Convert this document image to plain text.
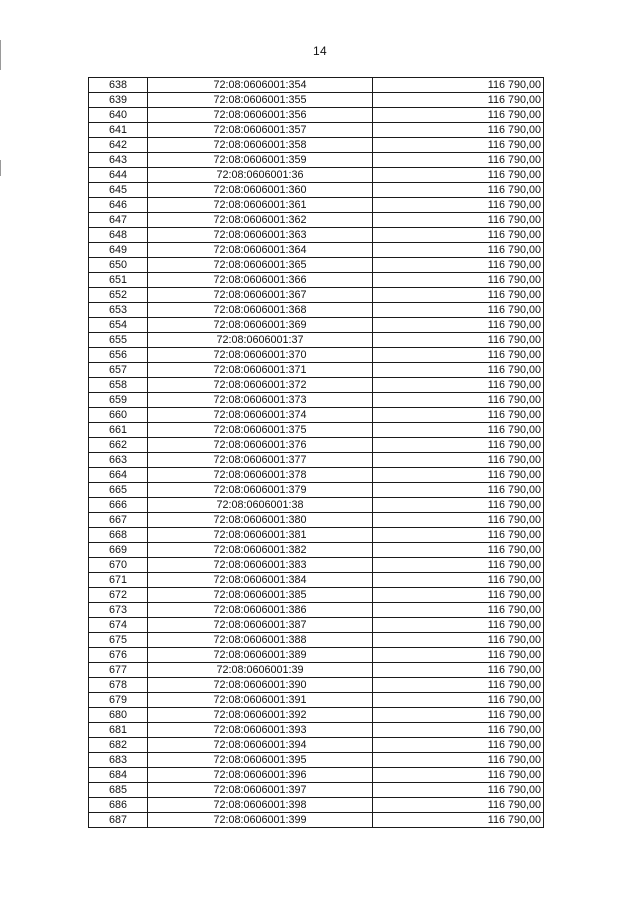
14
638	72:08:0606001:354	116 790,00
639	72:08:0606001:355	116 790,00
640	72:08:0606001:356	116 790,00
641	72:08:0606001:357	116 790,00
642	72:08:0606001:358	116 790,00
643	72:08:0606001:359	116 790,00
644	72:08:0606001:36	116 790,00
645	72:08:0606001:360	116 790,00
646	72:08:0606001:361	116 790,00
647	72:08:0606001:362	116 790,00
648	72:08:0606001:363	116 790,00
649	72:08:0606001:364	116 790,00
650	72:08:0606001:365	116 790,00
651	72:08:0606001:366	116 790,00
652	72:08:0606001:367	116 790,00
653	72:08:0606001:368	116 790,00
654	72:08:0606001:369	116 790,00
655	72:08:0606001:37	116 790,00
656	72:08:0606001:370	116 790,00
657	72:08:0606001:371	116 790,00
658	72:08:0606001:372	116 790,00
659	72:08:0606001:373	116 790,00
660	72:08:0606001:374	116 790,00
661	72:08:0606001:375	116 790,00
662	72:08:0606001:376	116 790,00
663	72:08:0606001:377	116 790,00
664	72:08:0606001:378	116 790,00
665	72:08:0606001:379	116 790,00
666	72:08:0606001:38	116 790,00
667	72:08:0606001:380	116 790,00
668	72:08:0606001:381	116 790,00
669	72:08:0606001:382	116 790,00
670	72:08:0606001:383	116 790,00
671	72:08:0606001:384	116 790,00
672	72:08:0606001:385	116 790,00
673	72:08:0606001:386	116 790,00
674	72:08:0606001:387	116 790,00
675	72:08:0606001:388	116 790,00
676	72:08:0606001:389	116 790,00
677	72:08:0606001:39	116 790,00
678	72:08:0606001:390	116 790,00
679	72:08:0606001:391	116 790,00
680	72:08:0606001:392	116 790,00
681	72:08:0606001:393	116 790,00
682	72:08:0606001:394	116 790,00
683	72:08:0606001:395	116 790,00
684	72:08:0606001:396	116 790,00
685	72:08:0606001:397	116 790,00
686	72:08:0606001:398	116 790,00
687	72:08:0606001:399	116 790,00
